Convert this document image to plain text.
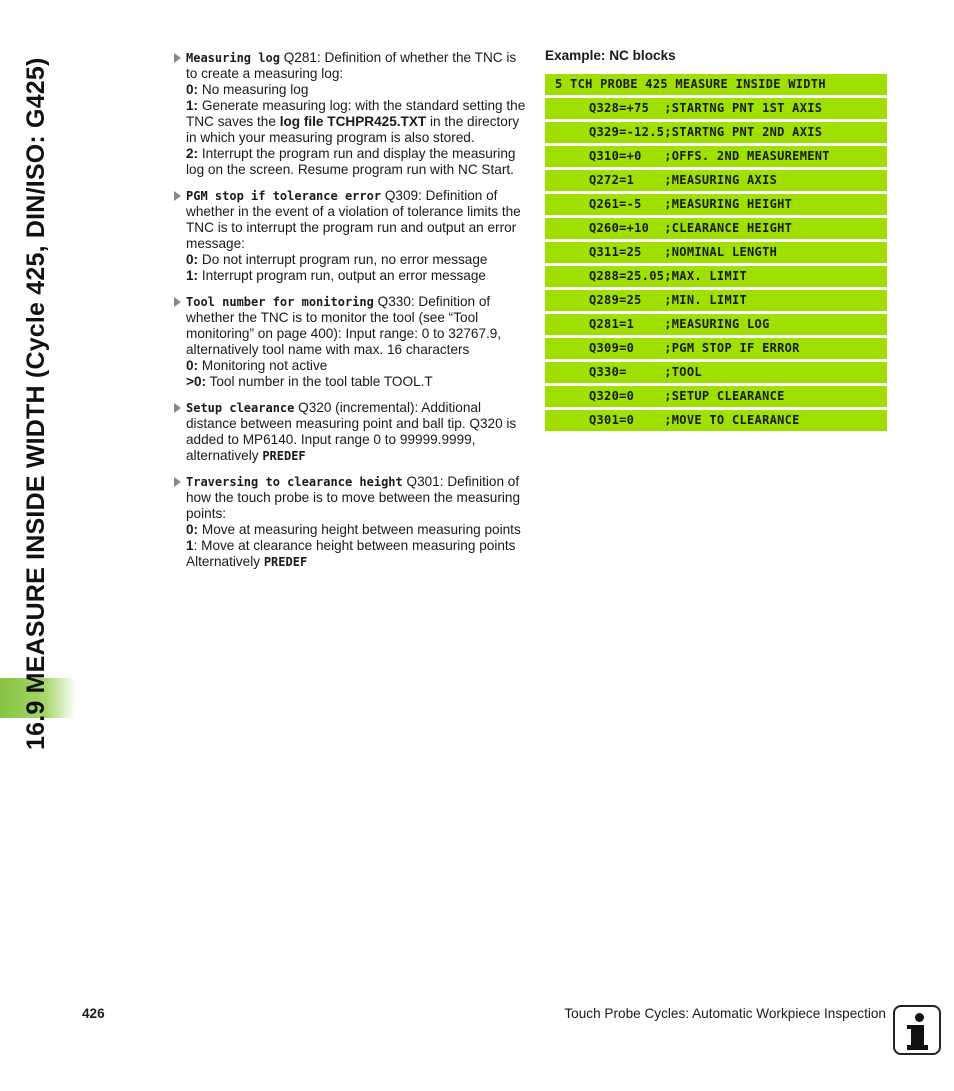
16.9 MEASURE INSIDE WIDTH (Cycle 425, DIN/ISO: G425)	Measuring log Q281: Definition of whether the TNC is to create a measuring log:
0: No measuring log
1: Generate measuring log: with the standard setting the TNC saves the log file TCHPR425.TXT in the directory in which your measuring program is also stored.
2: Interrupt the program run and display the measuring log on the screen. Resume program run with NC Start.
PGM stop if tolerance error Q309: Definition of whether in the event of a violation of tolerance limits the TNC is to interrupt the program run and output an error message:
0: Do not interrupt program run, no error message
1: Interrupt program run, output an error message
Tool number for monitoring Q330: Definition of whether the TNC is to monitor the tool (see “Tool monitoring” on page 400): Input range: 0 to 32767.9, alternatively tool name with max. 16 characters
0: Monitoring not active
>0: Tool number in the tool table TOOL.T
Setup clearance Q320 (incremental): Additional distance between measuring point and ball tip. Q320 is added to MP6140. Input range 0 to 99999.9999, alternatively PREDEF
Traversing to clearance height Q301: Definition of how the touch probe is to move between the measuring points:
0: Move at measuring height between measuring points
1: Move at clearance height between measuring points
Alternatively PREDEF
Example: NC blocks
5 TCH PROBE 425 MEASURE INSIDE WIDTH
Q328=+75  ;STARTNG PNT 1ST AXIS
Q329=-12.5;STARTNG PNT 2ND AXIS
Q310=+0   ;OFFS. 2ND MEASUREMENT
Q272=1    ;MEASURING AXIS
Q261=-5   ;MEASURING HEIGHT
Q260=+10  ;CLEARANCE HEIGHT
Q311=25   ;NOMINAL LENGTH
Q288=25.05;MAX. LIMIT
Q289=25   ;MIN. LIMIT
Q281=1    ;MEASURING LOG
Q309=0    ;PGM STOP IF ERROR
Q330=     ;TOOL
Q320=0    ;SETUP CLEARANCE
Q301=0    ;MOVE TO CLEARANCE
426	Touch Probe Cycles: Automatic Workpiece Inspection
